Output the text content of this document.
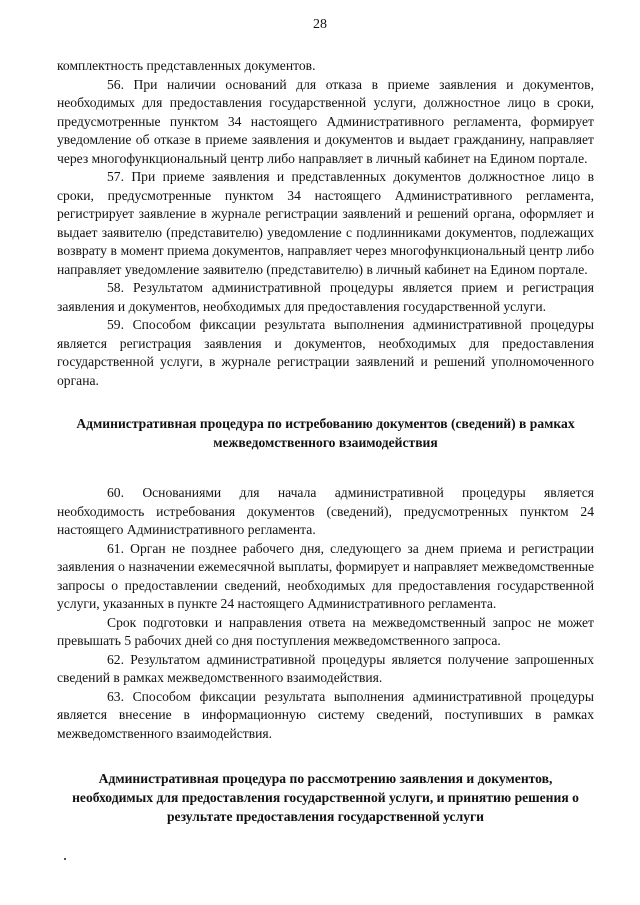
28

комплектность представленных документов.

56. При наличии оснований для отказа в приеме заявления и документов, необходимых для предоставления государственной услуги, должностное лицо в сроки, предусмотренные пунктом 34 настоящего Административного регламента, формирует уведомление об отказе в приеме заявления и документов и выдает гражданину, направляет через многофункциональный центр либо направляет в личный кабинет на Едином портале.

57. При приеме заявления и представленных документов должностное лицо в сроки, предусмотренные пунктом 34 настоящего Административного регламента, регистрирует заявление в журнале регистрации заявлений и решений органа, оформляет и выдает заявителю (представителю) уведомление с подлинниками документов, подлежащих возврату в момент приема документов, направляет через многофункциональный центр либо направляет уведомление заявителю (представителю) в личный кабинет на Едином портале.

58. Результатом административной процедуры является прием и регистрация заявления и документов, необходимых для предоставления государственной услуги.

59. Способом фиксации результата выполнения административной процедуры является регистрация заявления и документов, необходимых для предоставления государственной услуги, в журнале регистрации заявлений и решений уполномоченного органа.

Административная процедура по истребованию документов (сведений) в рамках межведомственного взаимодействия

60. Основаниями для начала административной процедуры является необходимость истребования документов (сведений), предусмотренных пунктом 24 настоящего Административного регламента.

61. Орган не позднее рабочего дня, следующего за днем приема и регистрации заявления о назначении ежемесячной выплаты, формирует и направляет межведомственные запросы о предоставлении сведений, необходимых для предоставления государственной услуги, указанных в пункте 24 настоящего Административного регламента.

Срок подготовки и направления ответа на межведомственный запрос не может превышать 5 рабочих дней со дня поступления межведомственного запроса.

62. Результатом административной процедуры является получение запрошенных сведений в рамках межведомственного взаимодействия.

63. Способом фиксации результата выполнения административной процедуры является внесение в информационную систему сведений, поступивших в рамках межведомственного взаимодействия.

Административная процедура по рассмотрению заявления и документов, необходимых для предоставления государственной услуги, и принятию решения о результате предоставления государственной услуги
